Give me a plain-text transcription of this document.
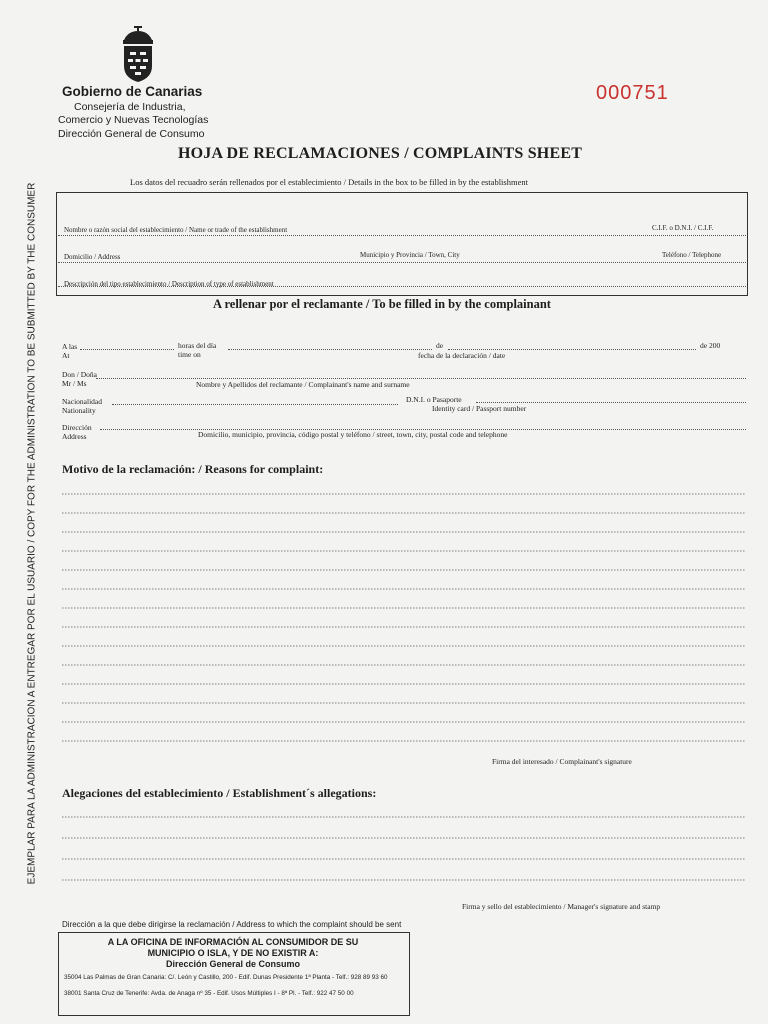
Gobierno de Canarias
Consejería de Industria,
Comercio y Nuevas Tecnologías
Dirección General de Consumo
000751
HOJA DE RECLAMACIONES / COMPLAINTS SHEET
Los datos del recuadro serán rellenados por el establecimiento / Details in the box to be filled in by the establishment
EJEMPLAR PARA LA ADMINISTRACION A ENTREGAR POR EL USUARIO / COPY FOR THE ADMINISTRATION TO BE SUBMITTED BY THE CONSUMER	Nombre o razón social del establecimiento / Name or trade of the establishment	C.I.F. o D.N.I. / C.I.F.
Domicilio / Address	Municipio y Provincia / Town, City	Teléfono / Telephone
Descripción del tipo establecimiento / Description of type of establishment
A rellenar por el reclamante / To be filled in by the complainant
A las
At
horas del día
time on
de	de 200
fecha de la declaración / date
Don / Doña
Mr / Ms	Nombre y Apellidos del reclamante / Complainant's name and surname
Nacionalidad
Nationality
D.N.I. o Pasaporte
Identity card / Passport number
Dirección
Address	Domicilio, municipio, provincia, código postal y teléfono / street, town, city, postal code and telephone
Motivo de la reclamación: / Reasons for complaint:
Firma del interesado / Complainant's signature
Alegaciones del establecimiento / Establishment´s allegations:
Firma y sello del establecimiento / Manager's signature and stamp
Dirección a la que debe dirigirse la reclamación / Address to which the complaint should be sent
A LA OFICINA DE INFORMACIÓN AL CONSUMIDOR DE SU
MUNICIPIO O ISLA, Y DE NO EXISTIR A:
Dirección General de Consumo
35004 Las Palmas de Gran Canaria: C/. León y Castillo, 200 - Edif. Dunas Presidente 1ª Planta - Telf.: 928 89 93 60
38001 Santa Cruz de Tenerife: Avda. de Anaga nº 35 - Edif. Usos Múltiples I - 8ª Pl. - Telf.: 922 47 50 00
